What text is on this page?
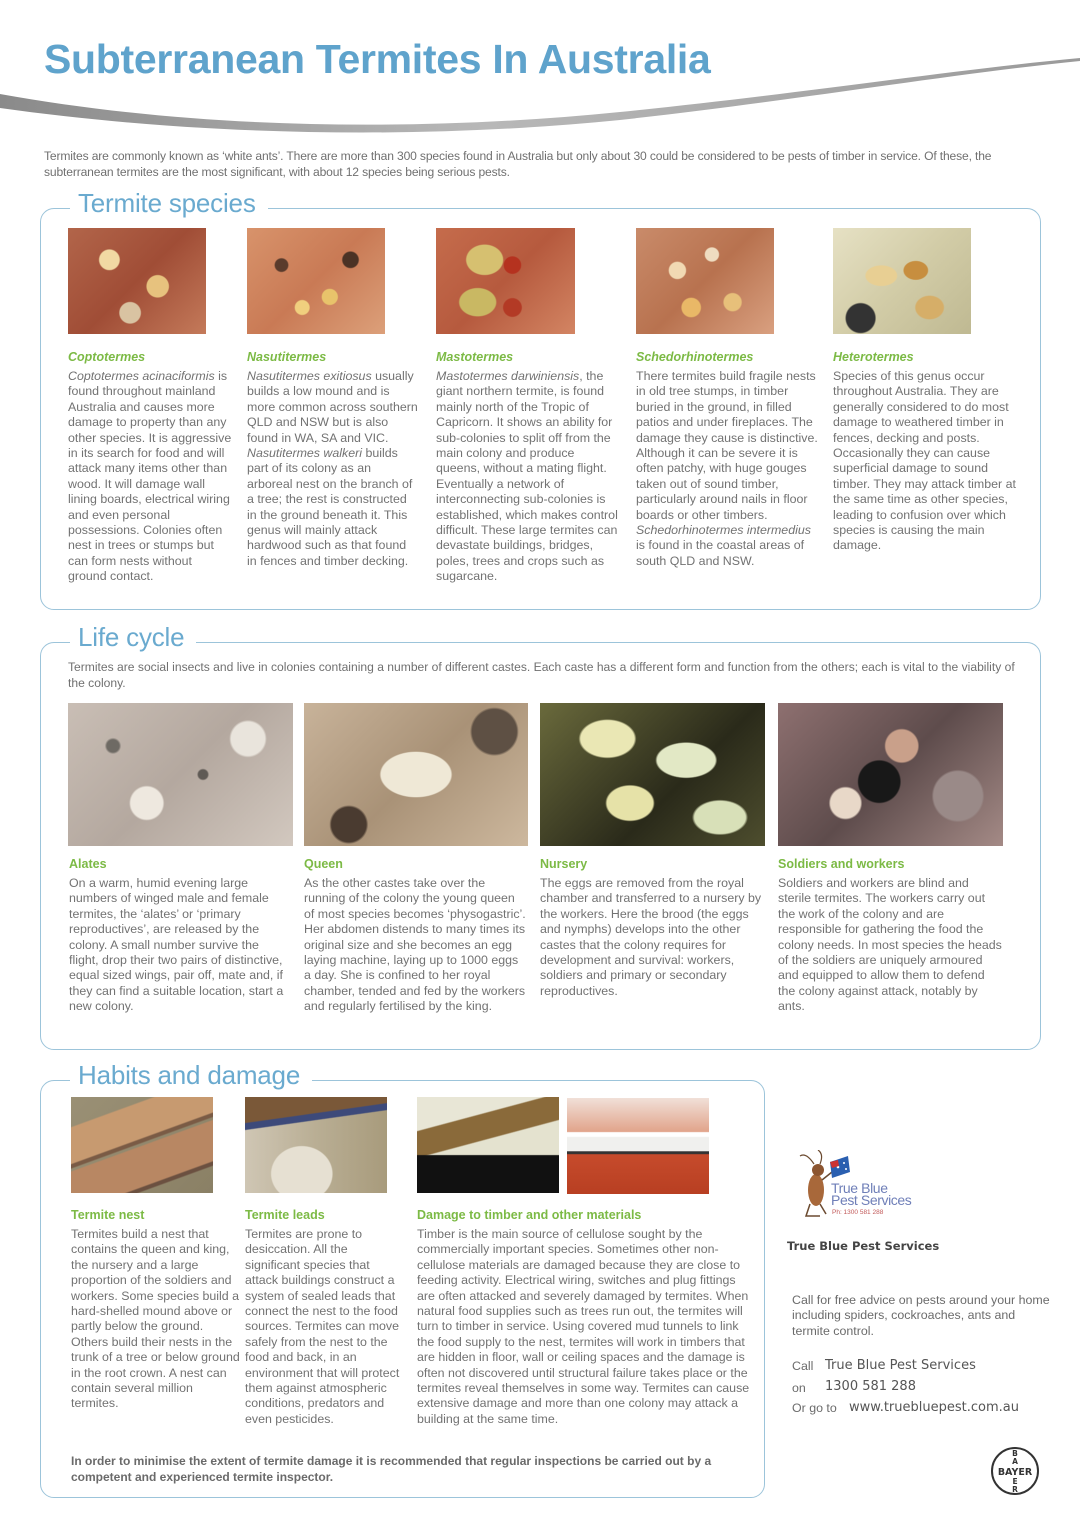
Subterranean Termites In Australia
Termites are commonly known as ‘white ants’. There are more than 300 species found in Australia but only about 30 could be considered to be pests of timber in service. Of these, the subterranean termites are the most significant, with about 12 species being serious pests.
Termite species
Coptotermes
Coptotermes acinaciformis is found throughout mainland Australia and causes more damage to property than any other species. It is aggressive in its search for food and will attack many items other than wood. It will damage wall lining boards, electrical wiring and even personal possessions. Colonies often nest in trees or stumps but can form nests without ground contact.
Nasutitermes
Nasutitermes exitiosus usually builds a low mound and is more common across southern QLD and NSW but is also found in WA, SA and VIC.
Nasutitermes walkeri builds part of its colony as an arboreal nest on the branch of a tree; the rest is constructed in the ground beneath it. This genus will mainly attack hardwood such as that found in fences and timber decking.
Mastotermes
Mastotermes darwiniensis, the giant northern termite, is found mainly north of the Tropic of Capricorn. It shows an ability for sub-colonies to split off from the main colony and produce queens, without a mating flight. Eventually a network of interconnecting sub-colonies is established, which makes control difficult. These large termites can devastate buildings, bridges, poles, trees and crops such as sugarcane.
Schedorhinotermes
There termites build fragile nests in old tree stumps, in timber buried in the ground, in filled patios and under fireplaces. The damage they cause is distinctive. Although it can be severe it is often patchy, with huge gouges taken out of sound timber, particularly around nails in floor boards or other timbers.
Schedorhinotermes intermedius is found in the coastal areas of south QLD and NSW.
Heterotermes
Species of this genus occur throughout Australia. They are generally considered to do most damage to weathered timber in fences, decking and posts. Occasionally they can cause superficial damage to sound timber. They may attack timber at the same time as other species, leading to confusion over which species is causing the main damage.
Life cycle
Termites are social insects and live in colonies containing a number of different castes. Each caste has a different form and function from the others; each is vital to the viability of the colony.
Alates
On a warm, humid evening large numbers of winged male and female termites, the ‘alates’ or ‘primary reproductives’, are released by the colony. A small number survive the flight, drop their two pairs of distinctive, equal sized wings, pair off, mate and, if they can find a suitable location, start a new colony.
Queen
As the other castes take over the running of the colony the young queen of most species becomes ‘physogastric’. Her abdomen distends to many times its original size and she becomes an egg laying machine, laying up to 1000 eggs a day. She is confined to her royal chamber, tended and fed by the workers and regularly fertilised by the king.
Nursery
The eggs are removed from the royal chamber and transferred to a nursery by the workers. Here the brood (the eggs and nymphs) develops into the other castes that the colony requires for development and survival: workers, soldiers and primary or secondary reproductives.
Soldiers and workers
Soldiers and workers are blind and sterile termites. The workers carry out the work of the colony and are responsible for gathering the food the colony needs. In most species the heads of the soldiers are uniquely armoured and equipped to allow them to defend the colony against attack, notably by ants.
Habits and damage
Termite nest
Termites build a nest that contains the queen and king, the nursery and a large proportion of the soldiers and workers. Some species build a hard-shelled mound above or partly below the ground. Others build their nests in the trunk of a tree or below ground in the root crown. A nest can contain several million termites.
Termite leads
Termites are prone to desiccation. All the significant species that attack buildings construct a system of sealed leads that connect the nest to the food sources. Termites can move safely from the nest to the food and back, in an environment that will protect them against atmospheric conditions, predators and even pesticides.
Damage to timber and other materials
Timber is the main source of cellulose sought by the commercially important species. Sometimes other non-cellulose materials are damaged because they are close to feeding activity. Electrical wiring, switches and plug fittings are often attacked and severely damaged by termites. When natural food supplies such as trees run out, the termites will turn to timber in service. Using covered mud tunnels to link the food supply to the nest, termites will work in timbers that are hidden in floor, wall or ceiling spaces and the damage is often not discovered until structural failure takes place or the termites reveal themselves in some way. Termites can cause extensive damage and more than one colony may attack a building at the same time.
In order to minimise the extent of termite damage it is recommended that regular inspections be carried out by a competent and experienced termite inspector.
True Blue
Pest Services
Ph: 1300 581 288
True Blue Pest Services
Call for free advice on pests around your home including spiders, cockroaches, ants and termite control.
Call True Blue Pest Services
on 1300 581 288
Or go to www.truebluepest.com.au
BAYER
B
A
E
R
